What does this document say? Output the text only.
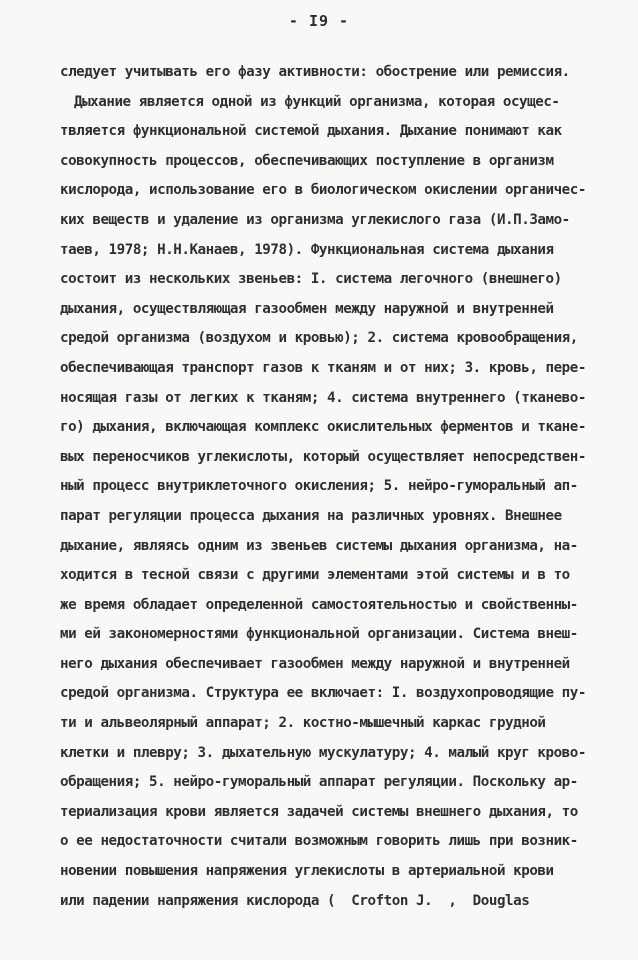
- I9 -
следует учитывать его фазу активности: обострение или ремиссия.
Дыхание является одной из функций организма, которая осущес-
твляется функциональной системой дыхания. Дыхание понимают как
совокупность процессов, обеспечивающих поступление в организм
кислорода, использование его в биологическом окислении органичес-
ких веществ и удаление из организма углекислого газа (И.П.Замо-
таев, 1978; Н.Н.Канаев, 1978). Функциональная система дыхания
состоит из нескольких звеньев: I. система легочного (внешнего)
дыхания, осуществляющая газообмен между наружной и внутренней
средой организма (воздухом и кровью); 2. система кровообращения,
обеспечивающая транспорт газов к тканям и от них; 3. кровь, пере-
носящая газы от легких к тканям; 4. система внутреннего (тканево-
го) дыхания, включающая комплекс окислительных ферментов и ткане-
вых переносчиков углекислоты, который осуществляет непосредствен-
ный процесс внутриклеточного окисления; 5. нейро-гуморальный ап-
парат регуляции процесса дыхания на различных уровнях. Внешнее
дыхание, являясь одним из звеньев системы дыхания организма, на-
ходится в тесной связи с другими элементами этой системы и в то
же время обладает определенной самостоятельностью и свойственны-
ми ей закономерностями функциональной организации. Система внеш-
него дыхания обеспечивает газообмен между наружной и внутренней
средой организма. Структура ее включает: I. воздухопроводящие пу-
ти и альвеолярный аппарат; 2. костно-мышечный каркас грудной
клетки и плевру; 3. дыхательную мускулатуру; 4. малый круг крово-
обращения; 5. нейро-гуморальный аппарат регуляции. Поскольку ар-
териализация крови является задачей системы внешнего дыхания, то
о ее недостаточности считали возможным говорить лишь при возник-
новении повышения напряжения углекислоты в артериальной крови
или падении напряжения кислорода (  Crofton J.  ,  Douglas
